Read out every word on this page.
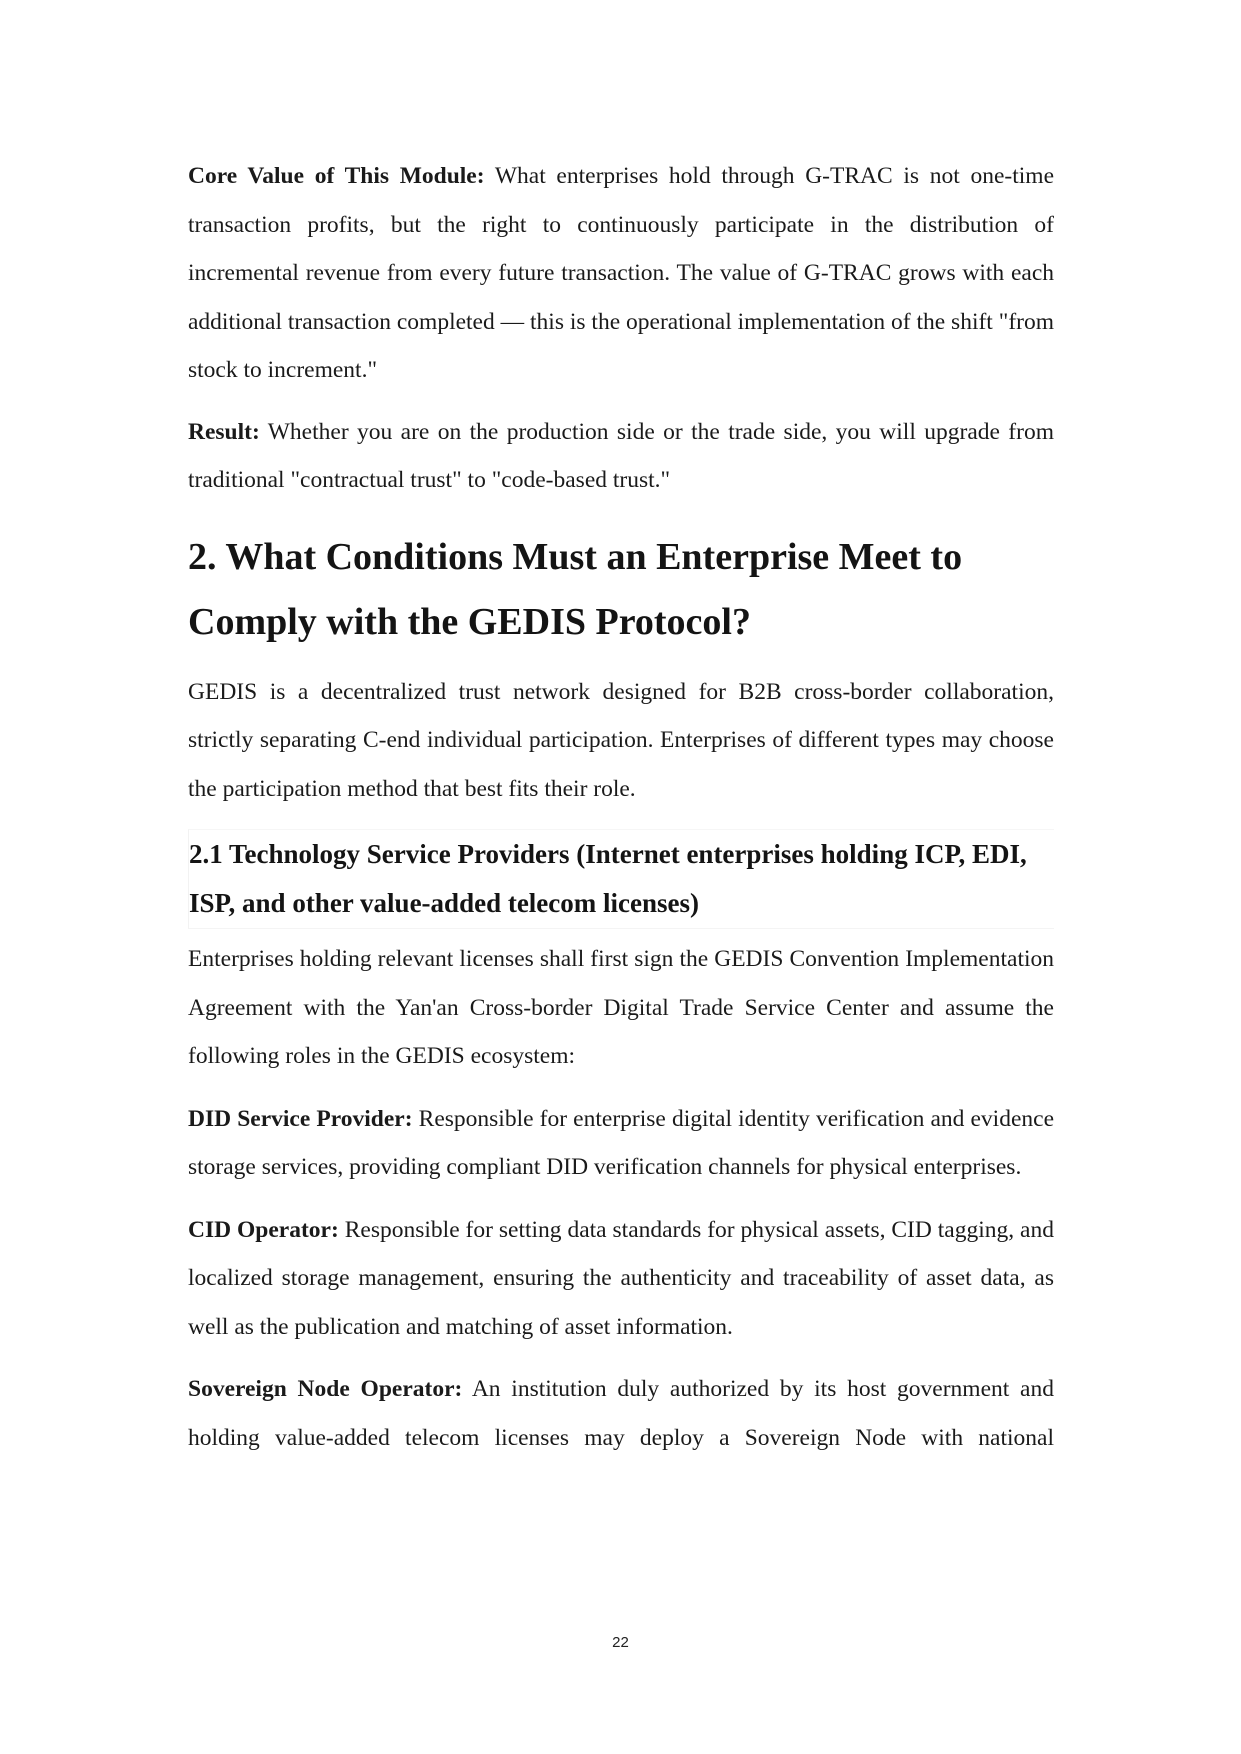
Core Value of This Module: What enterprises hold through G-TRAC is not one-time transaction profits, but the right to continuously participate in the distribution of incremental revenue from every future transaction. The value of G-TRAC grows with each additional transaction completed — this is the operational implementation of the shift "from stock to increment."

Result: Whether you are on the production side or the trade side, you will upgrade from traditional "contractual trust" to "code-based trust."

2. What Conditions Must an Enterprise Meet to Comply with the GEDIS Protocol?

GEDIS is a decentralized trust network designed for B2B cross-border collaboration, strictly separating C-end individual participation. Enterprises of different types may choose the participation method that best fits their role.

2.1 Technology Service Providers (Internet enterprises holding ICP, EDI, ISP, and other value-added telecom licenses)

Enterprises holding relevant licenses shall first sign the GEDIS Convention Implementation Agreement with the Yan'an Cross-border Digital Trade Service Center and assume the following roles in the GEDIS ecosystem:

DID Service Provider: Responsible for enterprise digital identity verification and evidence storage services, providing compliant DID verification channels for physical enterprises.

CID Operator: Responsible for setting data standards for physical assets, CID tagging, and localized storage management, ensuring the authenticity and traceability of asset data, as well as the publication and matching of asset information.

Sovereign Node Operator: An institution duly authorized by its host government and holding value-added telecom licenses may deploy a Sovereign Node with national

22
